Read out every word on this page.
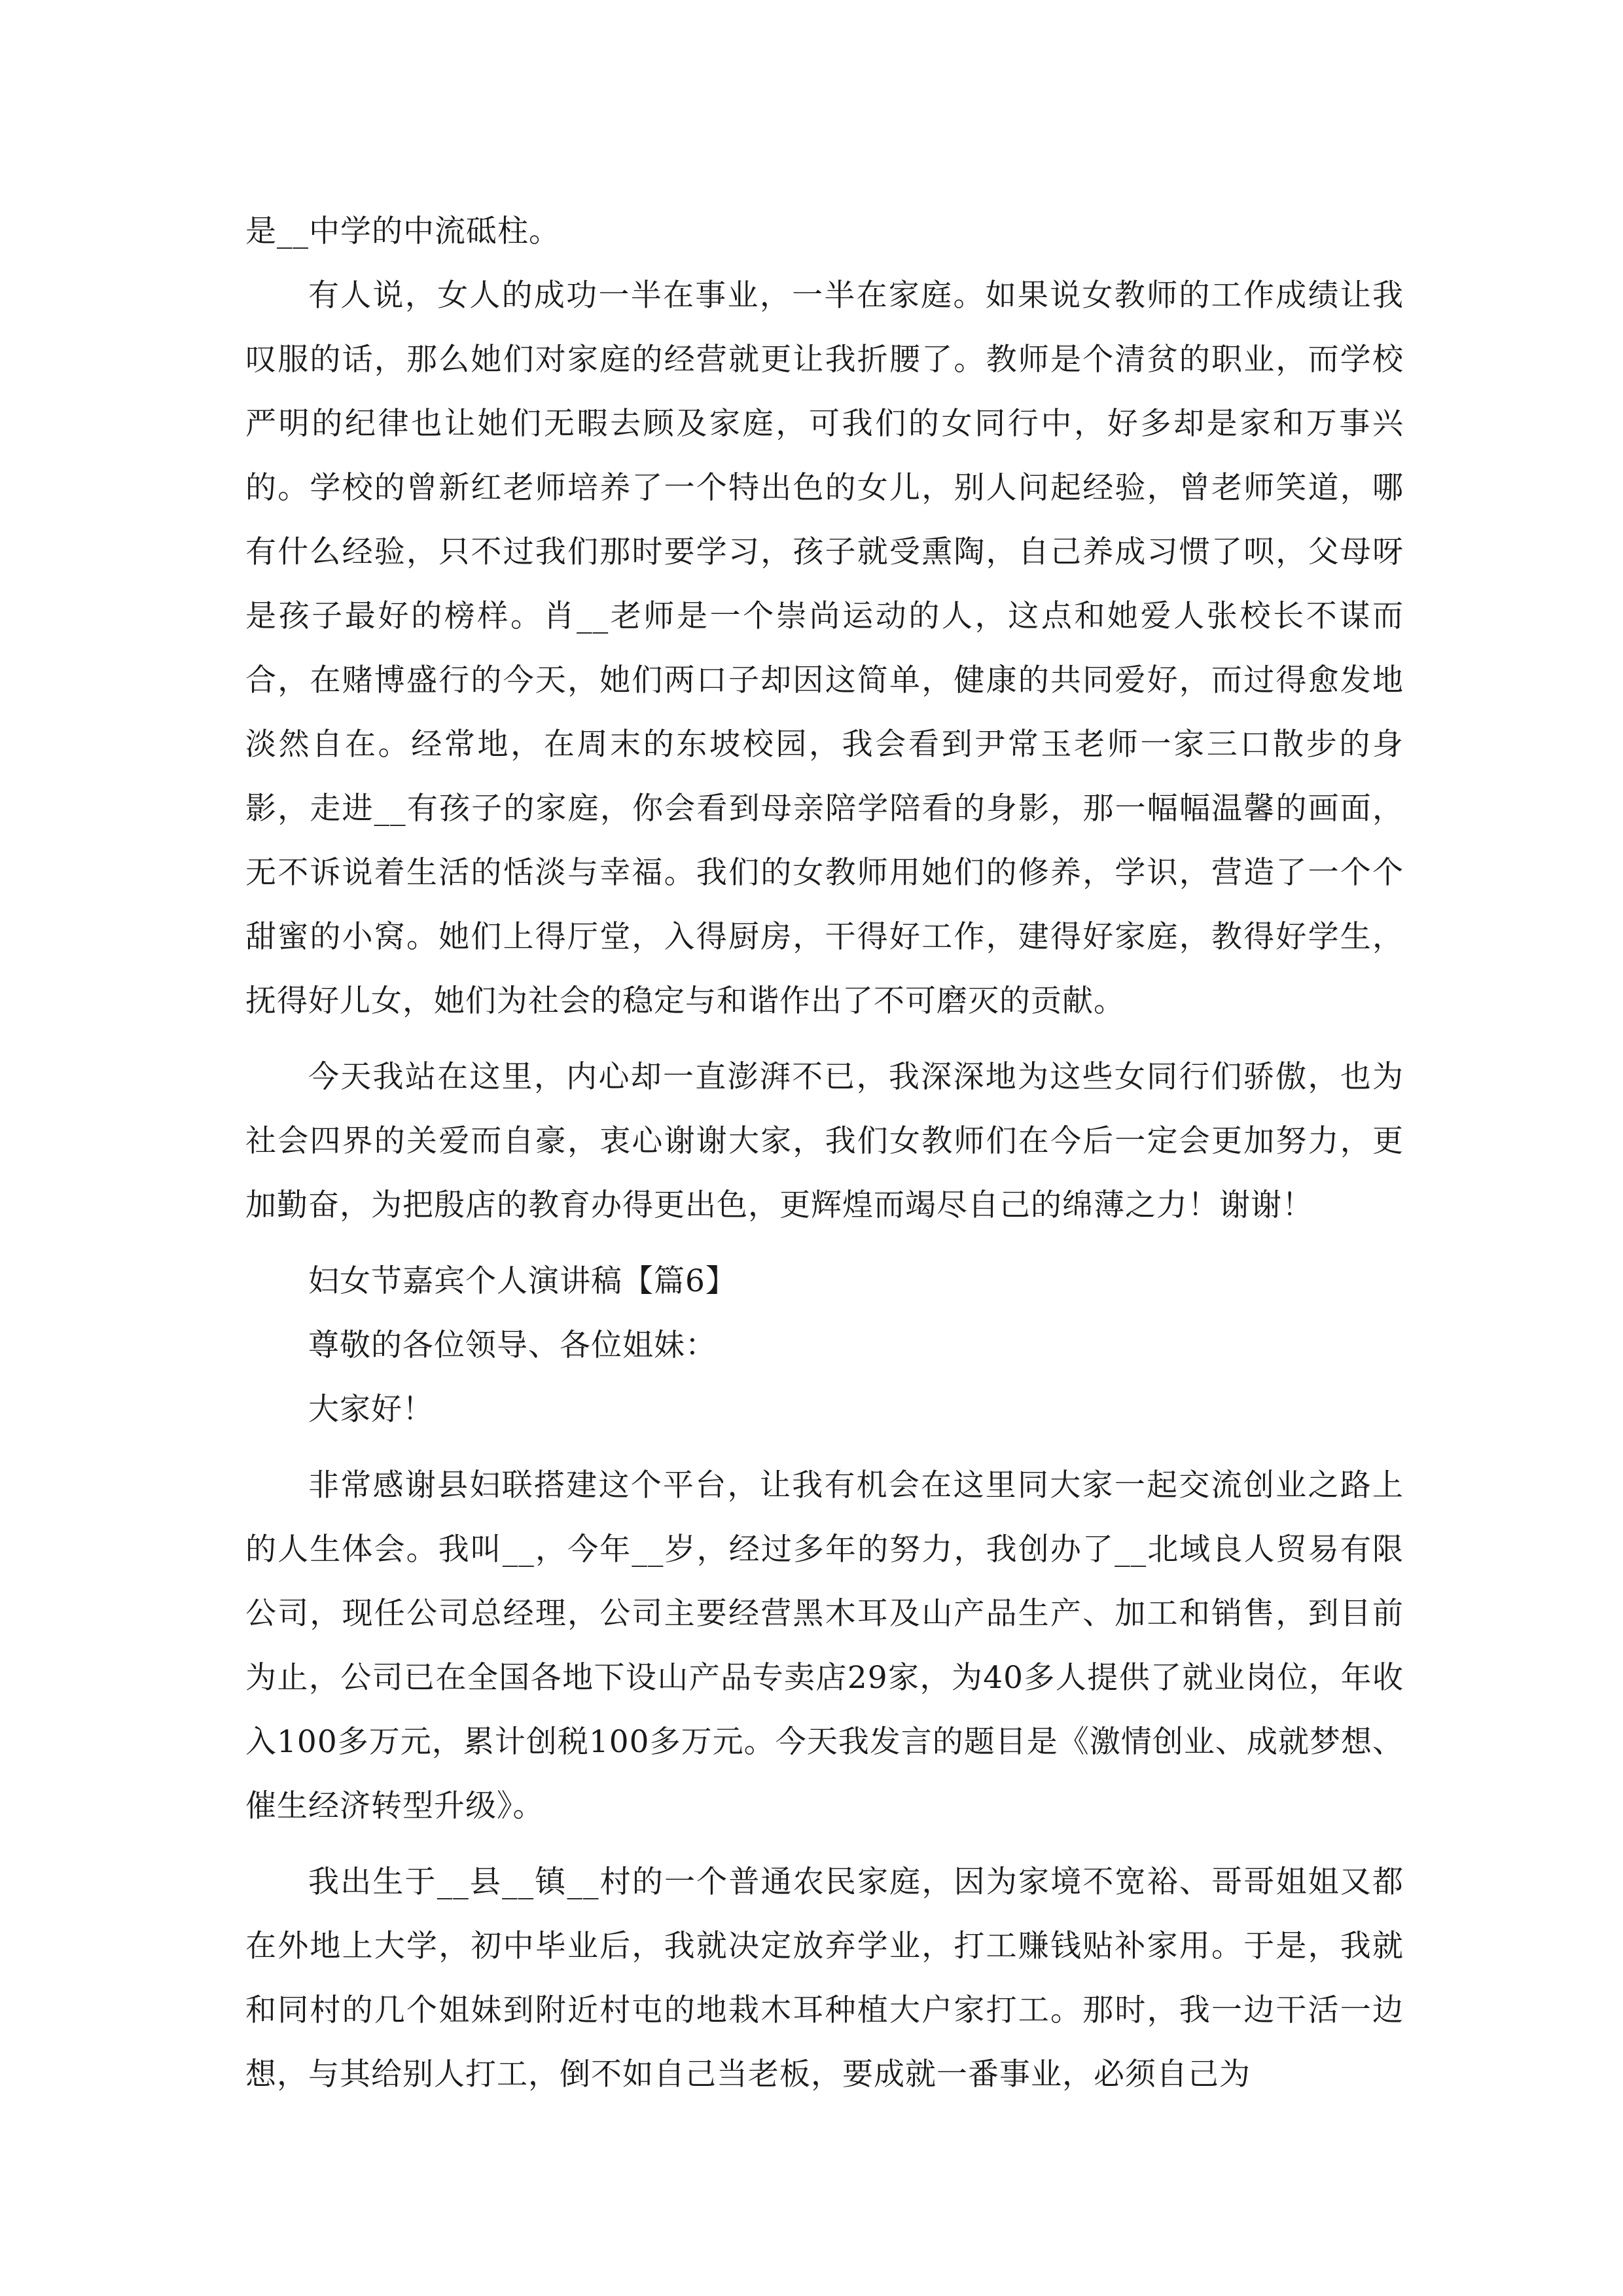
是__中学的中流砥柱。

有人说，女人的成功一半在事业，一半在家庭。如果说女教师的工作成绩让我叹服的话，那么她们对家庭的经营就更让我折腰了。教师是个清贫的职业，而学校严明的纪律也让她们无暇去顾及家庭，可我们的女同行中，好多却是家和万事兴的。学校的曾新红老师培养了一个特出色的女儿，别人问起经验，曾老师笑道，哪有什么经验，只不过我们那时要学习，孩子就受熏陶，自己养成习惯了呗，父母呀是孩子最好的榜样。肖__老师是一个崇尚运动的人，这点和她爱人张校长不谋而合，在赌博盛行的今天，她们两口子却因这简单，健康的共同爱好，而过得愈发地淡然自在。经常地，在周末的东坡校园，我会看到尹常玉老师一家三口散步的身影，走进__有孩子的家庭，你会看到母亲陪学陪看的身影，那一幅幅温馨的画面，无不诉说着生活的恬淡与幸福。我们的女教师用她们的修养，学识，营造了一个个甜蜜的小窝。她们上得厅堂，入得厨房，干得好工作，建得好家庭，教得好学生，抚得好儿女，她们为社会的稳定与和谐作出了不可磨灭的贡献。

今天我站在这里，内心却一直澎湃不已，我深深地为这些女同行们骄傲，也为社会四界的关爱而自豪，衷心谢谢大家，我们女教师们在今后一定会更加努力，更加勤奋，为把殷店的教育办得更出色，更辉煌而竭尽自己的绵薄之力！谢谢！

妇女节嘉宾个人演讲稿【篇6】

尊敬的各位领导、各位姐妹：

大家好！

非常感谢县妇联搭建这个平台，让我有机会在这里同大家一起交流创业之路上的人生体会。我叫__，今年__岁，经过多年的努力，我创办了__北域良人贸易有限公司，现任公司总经理，公司主要经营黑木耳及山产品生产、加工和销售，到目前为止，公司已在全国各地下设山产品专卖店29家，为40多人提供了就业岗位，年收入100多万元，累计创税100多万元。今天我发言的题目是《激情创业、成就梦想、催生经济转型升级》。

我出生于__县__镇__村的一个普通农民家庭，因为家境不宽裕、哥哥姐姐又都在外地上大学，初中毕业后，我就决定放弃学业，打工赚钱贴补家用。于是，我就和同村的几个姐妹到附近村屯的地栽木耳种植大户家打工。那时，我一边干活一边想，与其给别人打工，倒不如自己当老板，要成就一番事业，必须自己为
